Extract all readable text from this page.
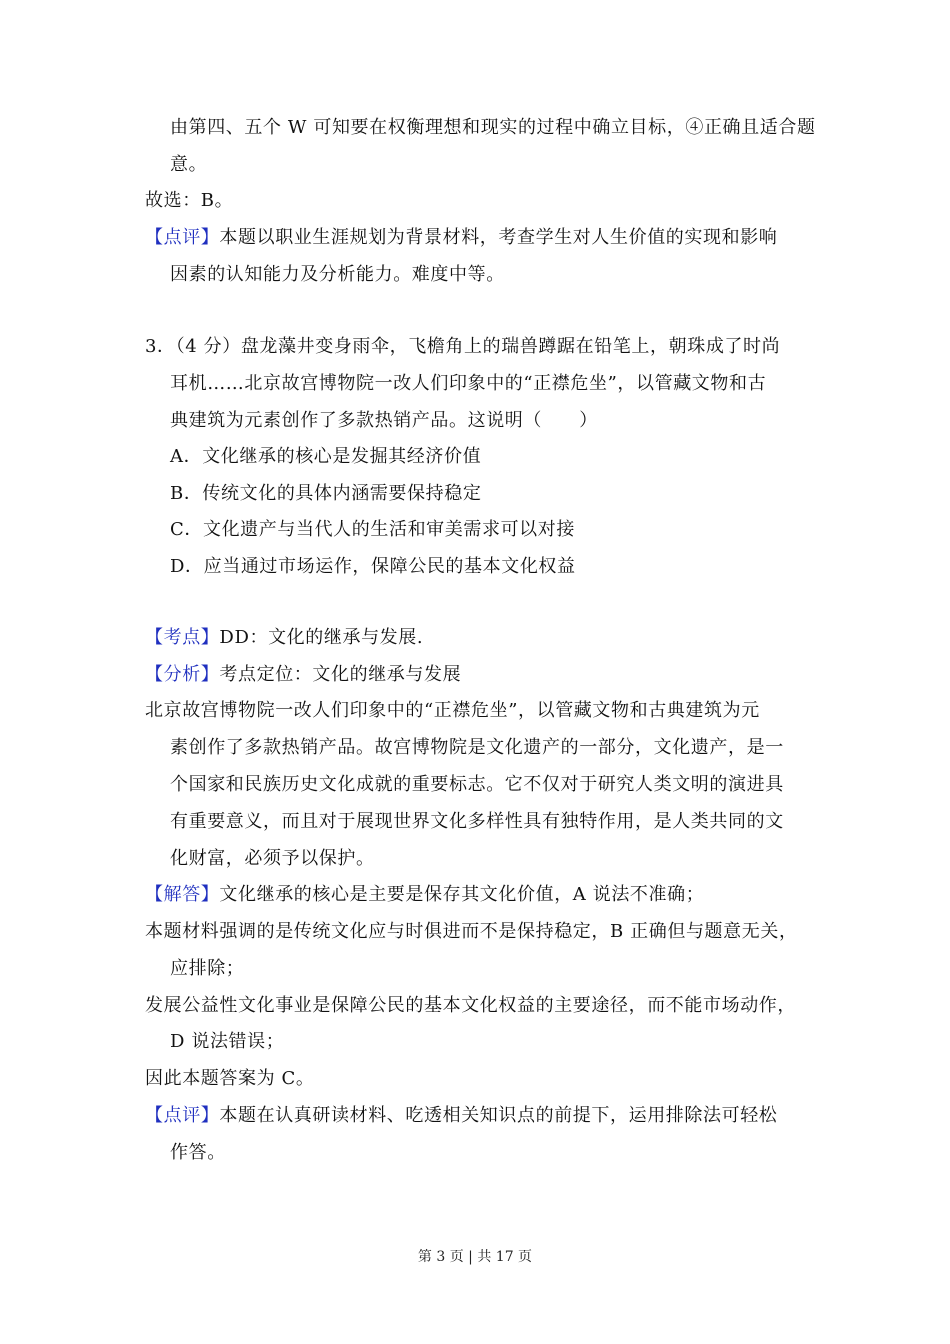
由第四、五个 W 可知要在权衡理想和现实的过程中确立目标，④正确且适合题
意。
故选：B。
【点评】本题以职业生涯规划为背景材料，考查学生对人生价值的实现和影响
因素的认知能力及分析能力。难度中等。
3．（4 分）盘龙藻井变身雨伞，飞檐角上的瑞兽蹲踞在铅笔上，朝珠成了时尚
耳机……北京故宫博物院一改人们印象中的“正襟危坐”，以管藏文物和古
典建筑为元素创作了多款热销产品。这说明（　　）
A．文化继承的核心是发掘其经济价值
B．传统文化的具体内涵需要保持稳定
C．文化遗产与当代人的生活和审美需求可以对接
D．应当通过市场运作，保障公民的基本文化权益
【考点】DD：文化的继承与发展.
【分析】考点定位：文化的继承与发展
北京故宫博物院一改人们印象中的“正襟危坐”，以管藏文物和古典建筑为元
素创作了多款热销产品。故宫博物院是文化遗产的一部分，文化遗产，是一
个国家和民族历史文化成就的重要标志。它不仅对于研究人类文明的演进具
有重要意义，而且对于展现世界文化多样性具有独特作用，是人类共同的文
化财富，必须予以保护。
【解答】文化继承的核心是主要是保存其文化价值，A 说法不准确；
本题材料强调的是传统文化应与时俱进而不是保持稳定，B 正确但与题意无关，
应排除；
发展公益性文化事业是保障公民的基本文化权益的主要途径，而不能市场动作，
D 说法错误；
因此本题答案为 C。
【点评】本题在认真研读材料、吃透相关知识点的前提下，运用排除法可轻松
作答。
第 3 页 | 共 17 页
